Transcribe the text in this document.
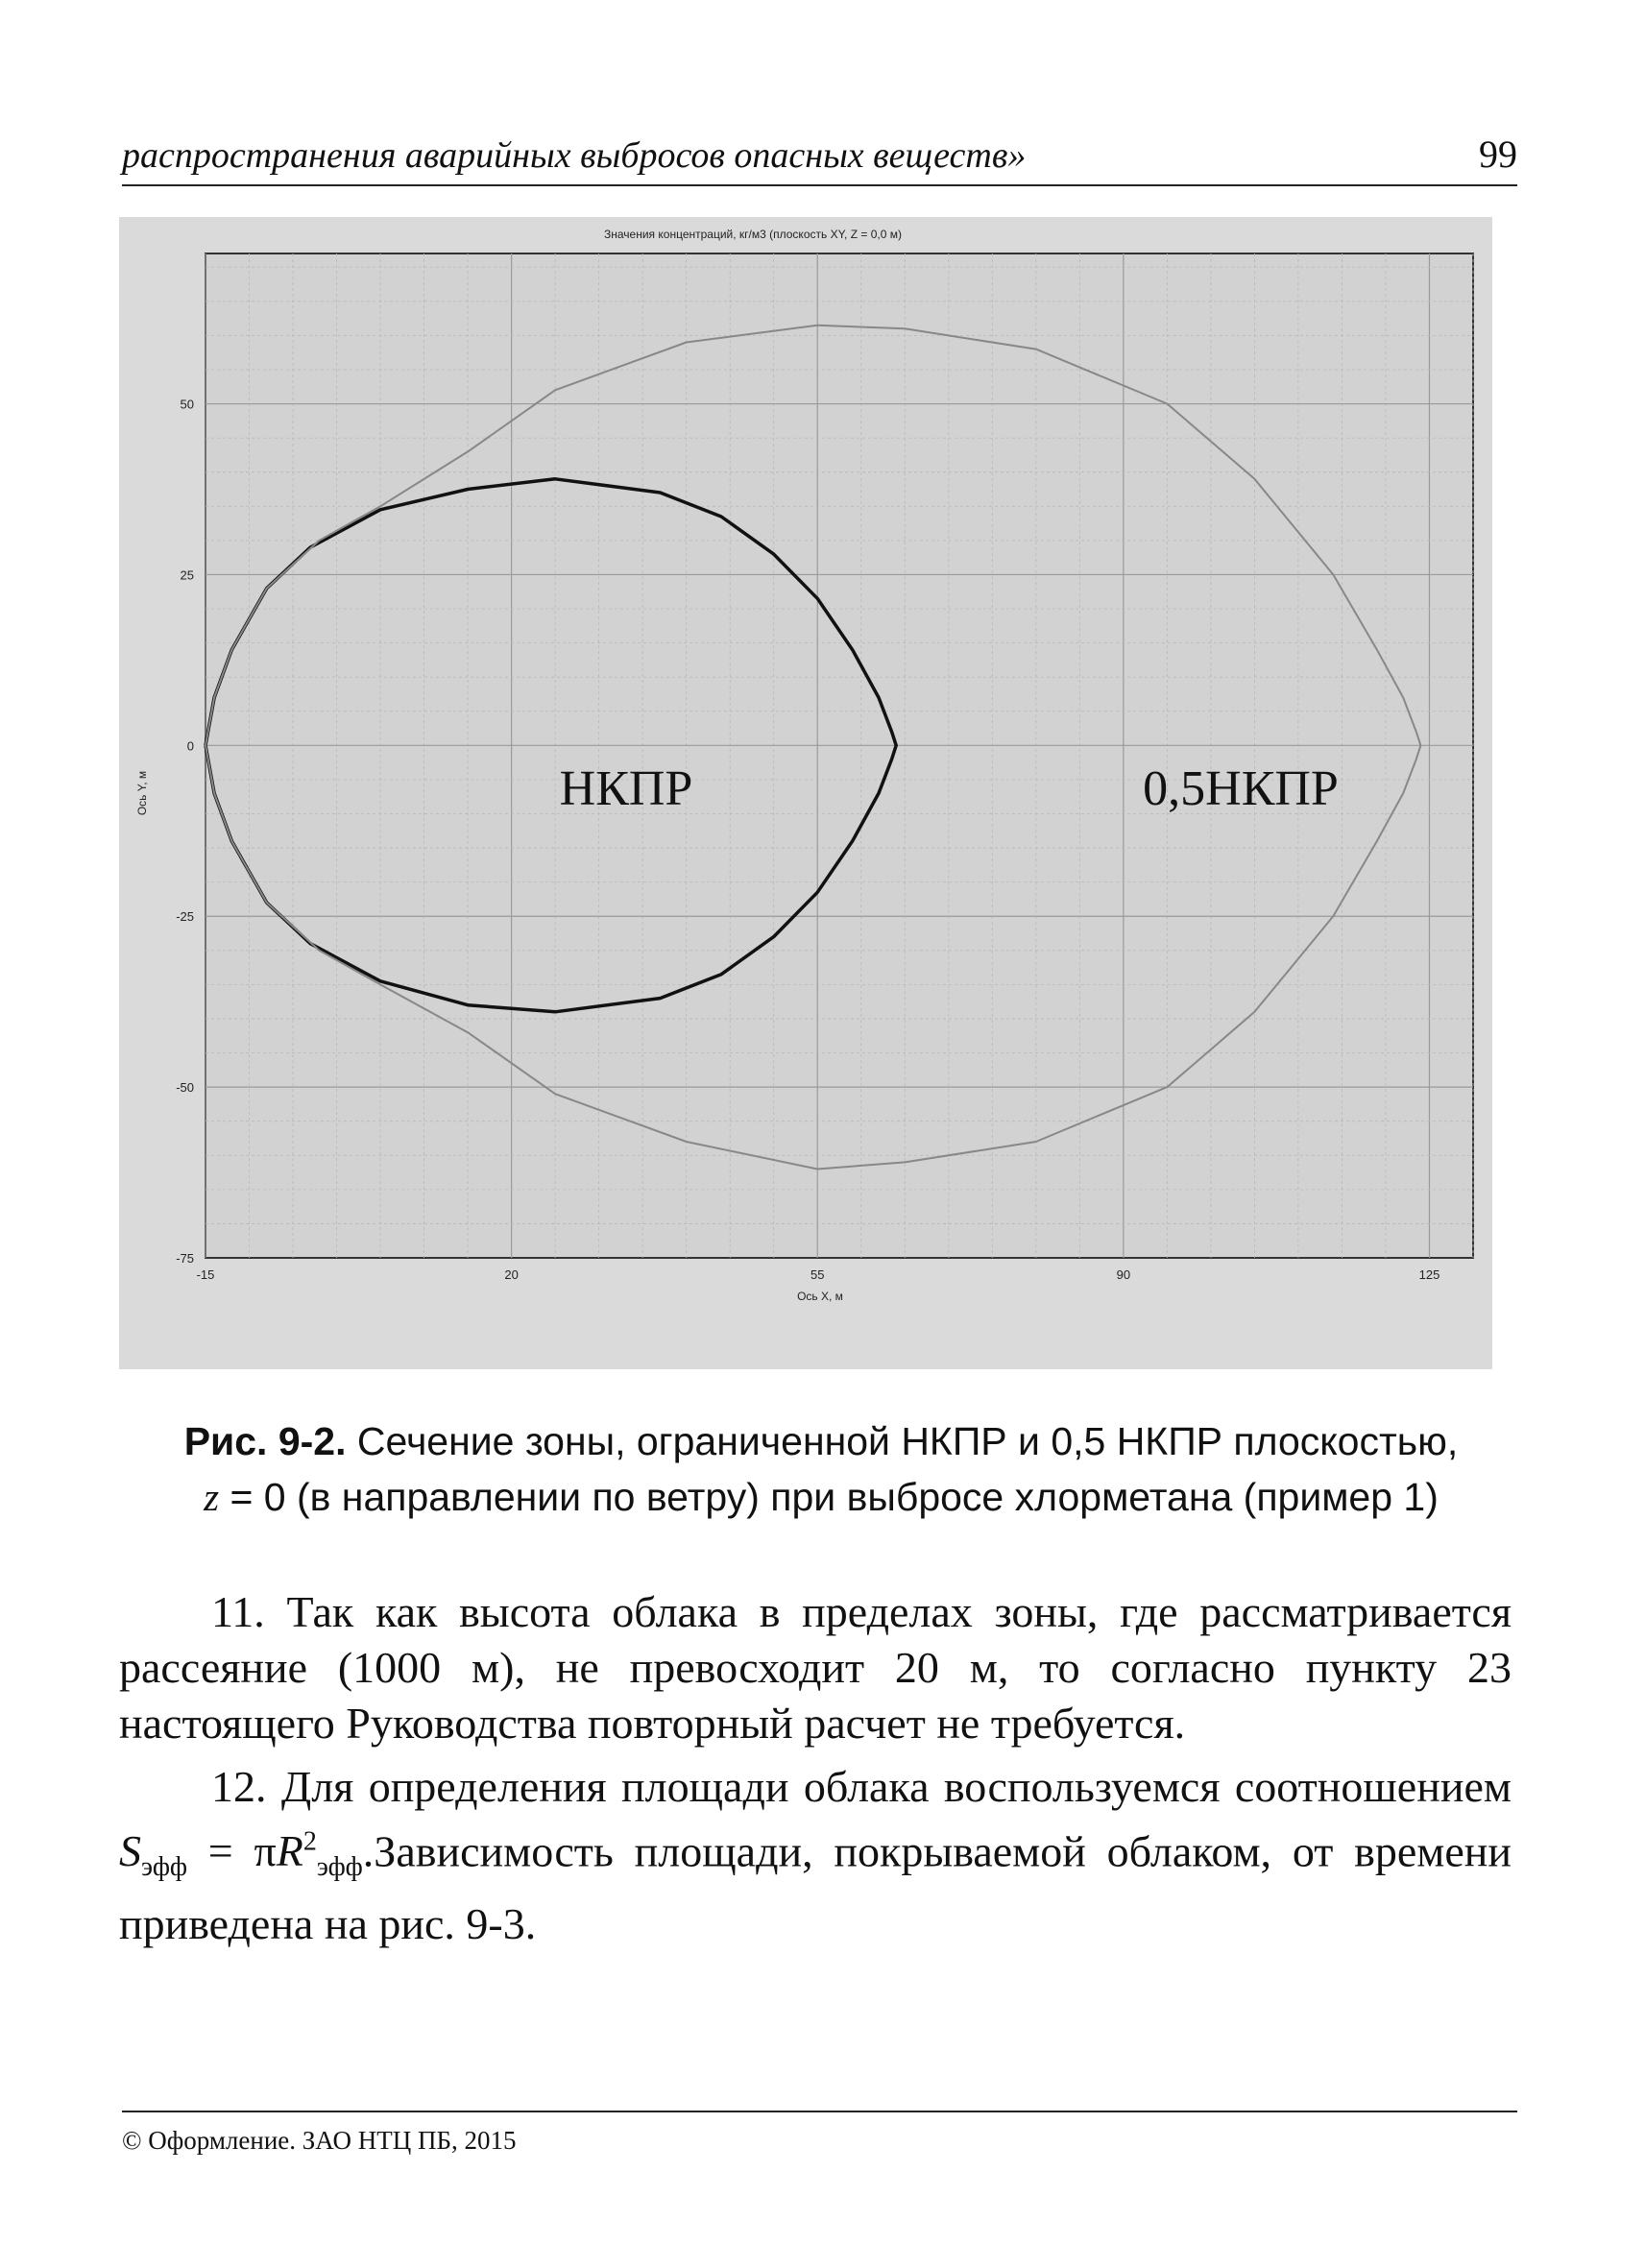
распространения аварийных выбросов опасных веществ»	99
-15	20	55	90	125
-75
-50
-25
0
25
50
Значения концентраций, кг/м3 (плоскость XY, Z = 0,0 м)
Ось X, м
Ось Y, м	НКПР	0,5НКПР
Рис. 9-2. Сечение зоны, ограниченной НКПР и 0,5 НКПР плоскостью,
z = 0 (в направлении по ветру) при выбросе хлорметана (пример 1)

11. Так как высота облака в пределах зоны, где рассматривается рассеяние (1000 м), не превосходит 20 м, то согласно пункту 23 настоящего Руководства повторный расчет не требуется.

12. Для определения площади облака воспользуемся соотношением $S_{эфф}$ = $\pi R^2_{эфф}.Зависимость$ площади, покрываемой облаком, от времени приведена на рис. 9-3.

© Оформление. ЗАО НТЦ ПБ, 2015
